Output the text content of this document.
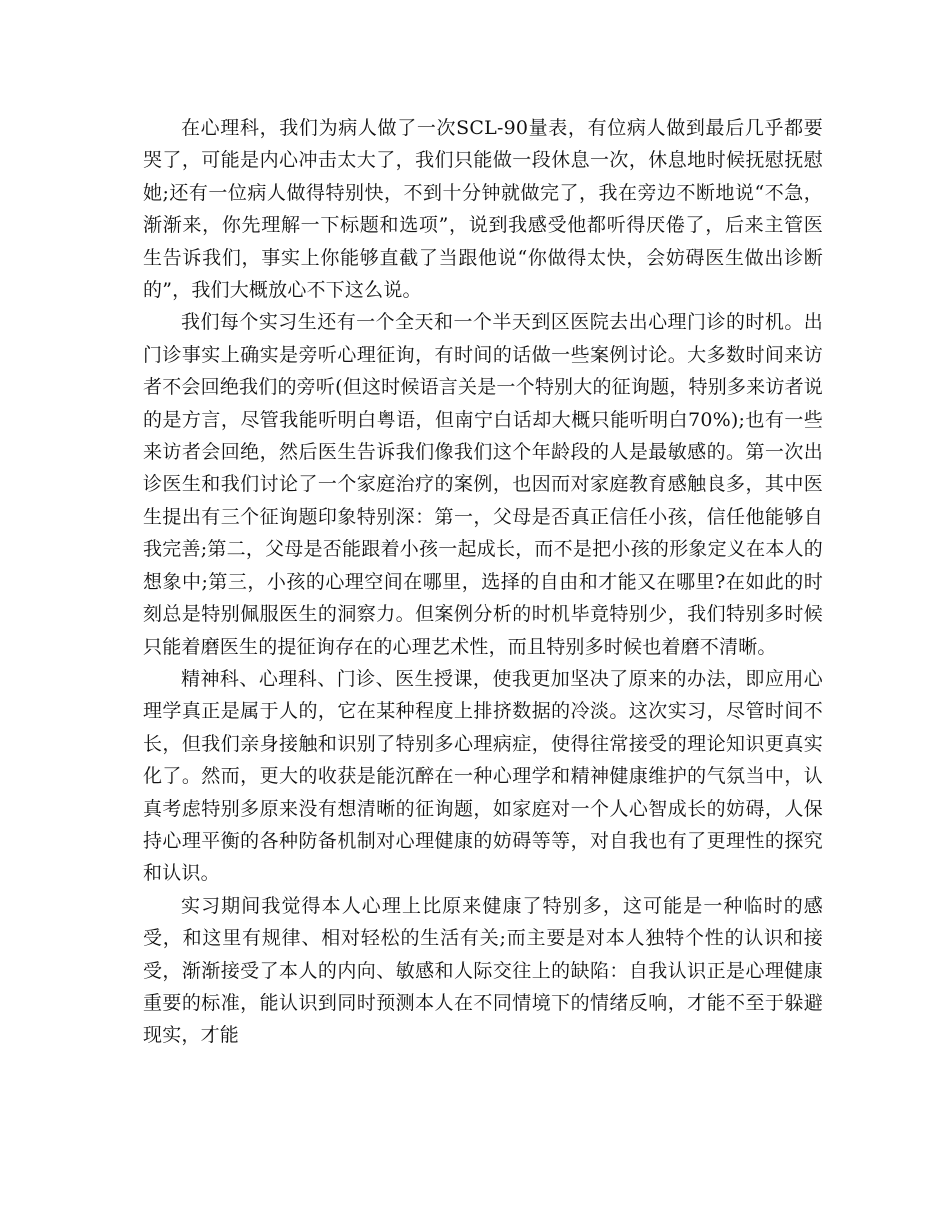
在心理科，我们为病人做了一次SCL-90量表，有位病人做到最后几乎都要哭了，可能是内心冲击太大了，我们只能做一段休息一次，休息地时候抚慰抚慰她;还有一位病人做得特别快，不到十分钟就做完了，我在旁边不断地说“不急，渐渐来，你先理解一下标题和选项”，说到我感受他都听得厌倦了，后来主管医生告诉我们，事实上你能够直截了当跟他说“你做得太快，会妨碍医生做出诊断的”，我们大概放心不下这么说。

我们每个实习生还有一个全天和一个半天到区医院去出心理门诊的时机。出门诊事实上确实是旁听心理征询，有时间的话做一些案例讨论。大多数时间来访者不会回绝我们的旁听(但这时候语言关是一个特别大的征询题，特别多来访者说的是方言，尽管我能听明白粤语，但南宁白话却大概只能听明白70%);也有一些来访者会回绝，然后医生告诉我们像我们这个年龄段的人是最敏感的。第一次出诊医生和我们讨论了一个家庭治疗的案例，也因而对家庭教育感触良多，其中医生提出有三个征询题印象特别深：第一，父母是否真正信任小孩，信任他能够自我完善;第二，父母是否能跟着小孩一起成长，而不是把小孩的形象定义在本人的想象中;第三，小孩的心理空间在哪里，选择的自由和才能又在哪里?在如此的时刻总是特别佩服医生的洞察力。但案例分析的时机毕竟特别少，我们特别多时候只能着磨医生的提征询存在的心理艺术性，而且特别多时候也着磨不清晰。

精神科、心理科、门诊、医生授课，使我更加坚决了原来的办法，即应用心理学真正是属于人的，它在某种程度上排挤数据的冷淡。这次实习，尽管时间不长，但我们亲身接触和识别了特别多心理病症，使得往常接受的理论知识更真实化了。然而，更大的收获是能沉醉在一种心理学和精神健康维护的气氛当中，认真考虑特别多原来没有想清晰的征询题，如家庭对一个人心智成长的妨碍，人保持心理平衡的各种防备机制对心理健康的妨碍等等，对自我也有了更理性的探究和认识。

实习期间我觉得本人心理上比原来健康了特别多，这可能是一种临时的感受，和这里有规律、相对轻松的生活有关;而主要是对本人独特个性的认识和接受，渐渐接受了本人的内向、敏感和人际交往上的缺陷：自我认识正是心理健康重要的标准，能认识到同时预测本人在不同情境下的情绪反响，才能不至于躲避现实，才能
